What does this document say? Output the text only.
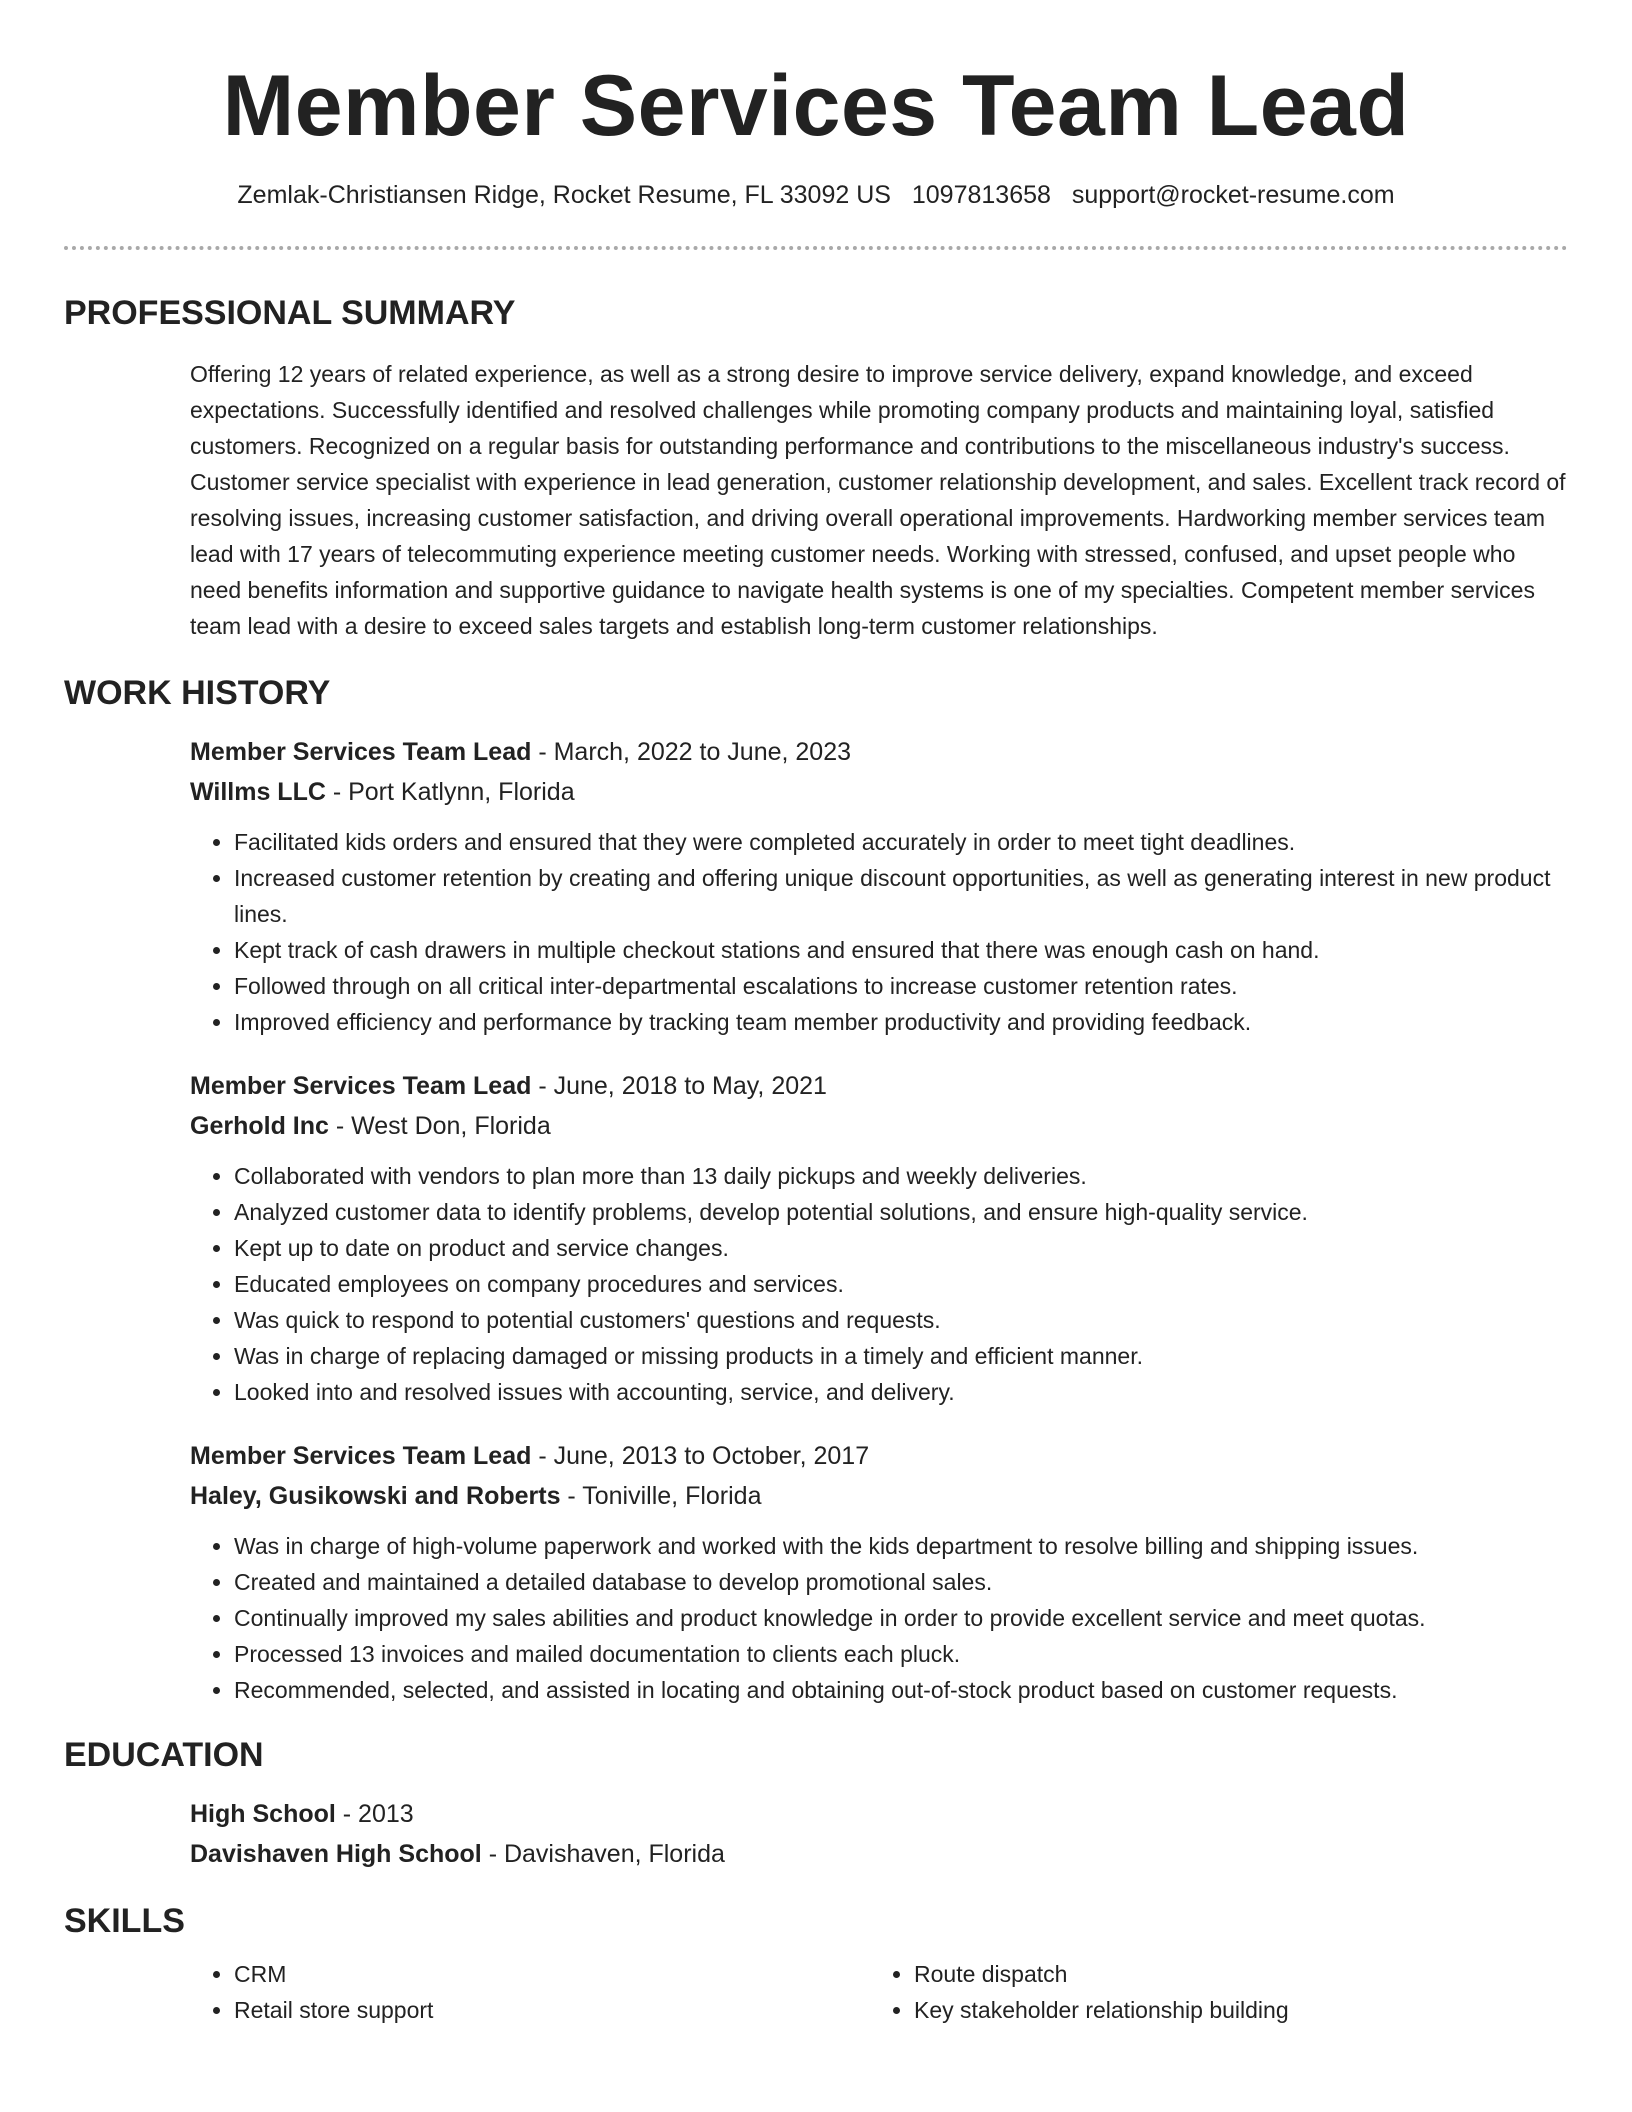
Member Services Team Lead
Zemlak-Christiansen Ridge, Rocket Resume, FL 33092 US 1097813658 support@rocket-resume.com
PROFESSIONAL SUMMARY

Offering 12 years of related experience, as well as a strong desire to improve service delivery, expand knowledge, and exceed expectations. Successfully identified and resolved challenges while promoting company products and maintaining loyal, satisfied customers. Recognized on a regular basis for outstanding performance and contributions to the miscellaneous industry's success. Customer service specialist with experience in lead generation, customer relationship development, and sales. Excellent track record of resolving issues, increasing customer satisfaction, and driving overall operational improvements. Hardworking member services team lead with 17 years of telecommuting experience meeting customer needs. Working with stressed, confused, and upset people who need benefits information and supportive guidance to navigate health systems is one of my specialties. Competent member services team lead with a desire to exceed sales targets and establish long-term customer relationships.

WORK HISTORY

Member Services Team Lead - March, 2022 to June, 2023

Willms LLC - Port Katlynn, Florida

• Facilitated kids orders and ensured that they were completed accurately in order to meet tight deadlines.
• Increased customer retention by creating and offering unique discount opportunities, as well as generating interest in new product lines.
• Kept track of cash drawers in multiple checkout stations and ensured that there was enough cash on hand.
• Followed through on all critical inter-departmental escalations to increase customer retention rates.
• Improved efficiency and performance by tracking team member productivity and providing feedback.

Member Services Team Lead - June, 2018 to May, 2021

Gerhold Inc - West Don, Florida

• Collaborated with vendors to plan more than 13 daily pickups and weekly deliveries.
• Analyzed customer data to identify problems, develop potential solutions, and ensure high-quality service.
• Kept up to date on product and service changes.
• Educated employees on company procedures and services.
• Was quick to respond to potential customers' questions and requests.
• Was in charge of replacing damaged or missing products in a timely and efficient manner.
• Looked into and resolved issues with accounting, service, and delivery.

Member Services Team Lead - June, 2013 to October, 2017

Haley, Gusikowski and Roberts - Toniville, Florida

• Was in charge of high-volume paperwork and worked with the kids department to resolve billing and shipping issues.
• Created and maintained a detailed database to develop promotional sales.
• Continually improved my sales abilities and product knowledge in order to provide excellent service and meet quotas.
• Processed 13 invoices and mailed documentation to clients each pluck.
• Recommended, selected, and assisted in locating and obtaining out-of-stock product based on customer requests.
EDUCATION

High School - 2013

Davishaven High School - Davishaven, Florida

SKILLS
• CRM
• Retail store support
• Route dispatch
• Key stakeholder relationship building
